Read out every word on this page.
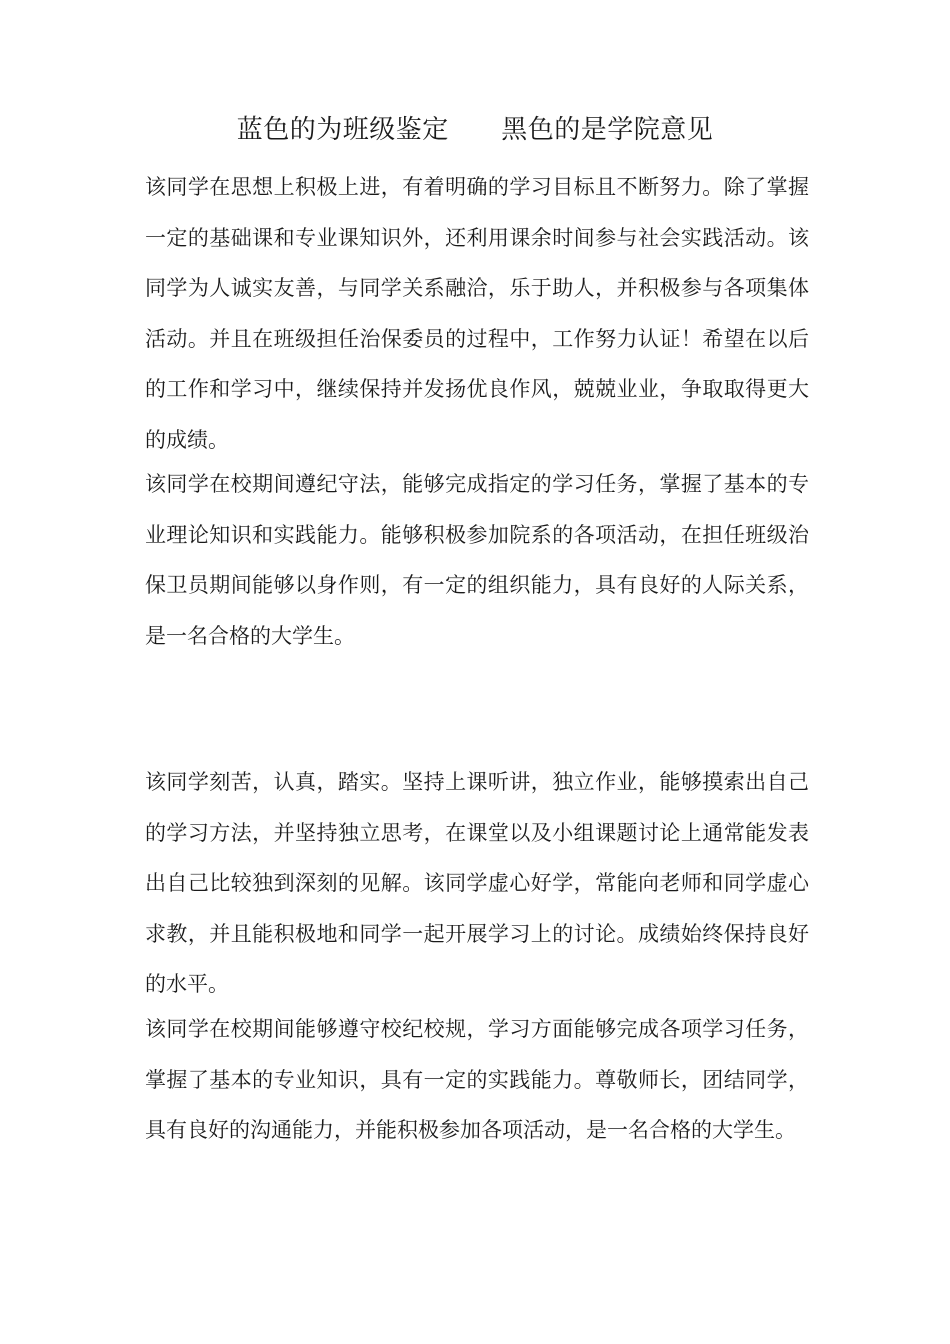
蓝色的为班级鉴定      黑色的是学院意见

该同学在思想上积极上进，有着明确的学习目标且不断努力。除了掌握一定的基础课和专业课知识外，还利用课余时间参与社会实践活动。该同学为人诚实友善，与同学关系融洽，乐于助人，并积极参与各项集体活动。并且在班级担任治保委员的过程中，工作努力认证！希望在以后的工作和学习中，继续保持并发扬优良作风，兢兢业业，争取取得更大的成绩。

该同学在校期间遵纪守法，能够完成指定的学习任务，掌握了基本的专业理论知识和实践能力。能够积极参加院系的各项活动，在担任班级治保卫员期间能够以身作则，有一定的组织能力，具有良好的人际关系，是一名合格的大学生。

该同学刻苦，认真，踏实。坚持上课听讲，独立作业，能够摸索出自己的学习方法，并坚持独立思考，在课堂以及小组课题讨论上通常能发表出自己比较独到深刻的见解。该同学虚心好学，常能向老师和同学虚心求教，并且能积极地和同学一起开展学习上的讨论。成绩始终保持良好的水平。

该同学在校期间能够遵守校纪校规，学习方面能够完成各项学习任务，掌握了基本的专业知识，具有一定的实践能力。尊敬师长，团结同学，具有良好的沟通能力，并能积极参加各项活动，是一名合格的大学生。
